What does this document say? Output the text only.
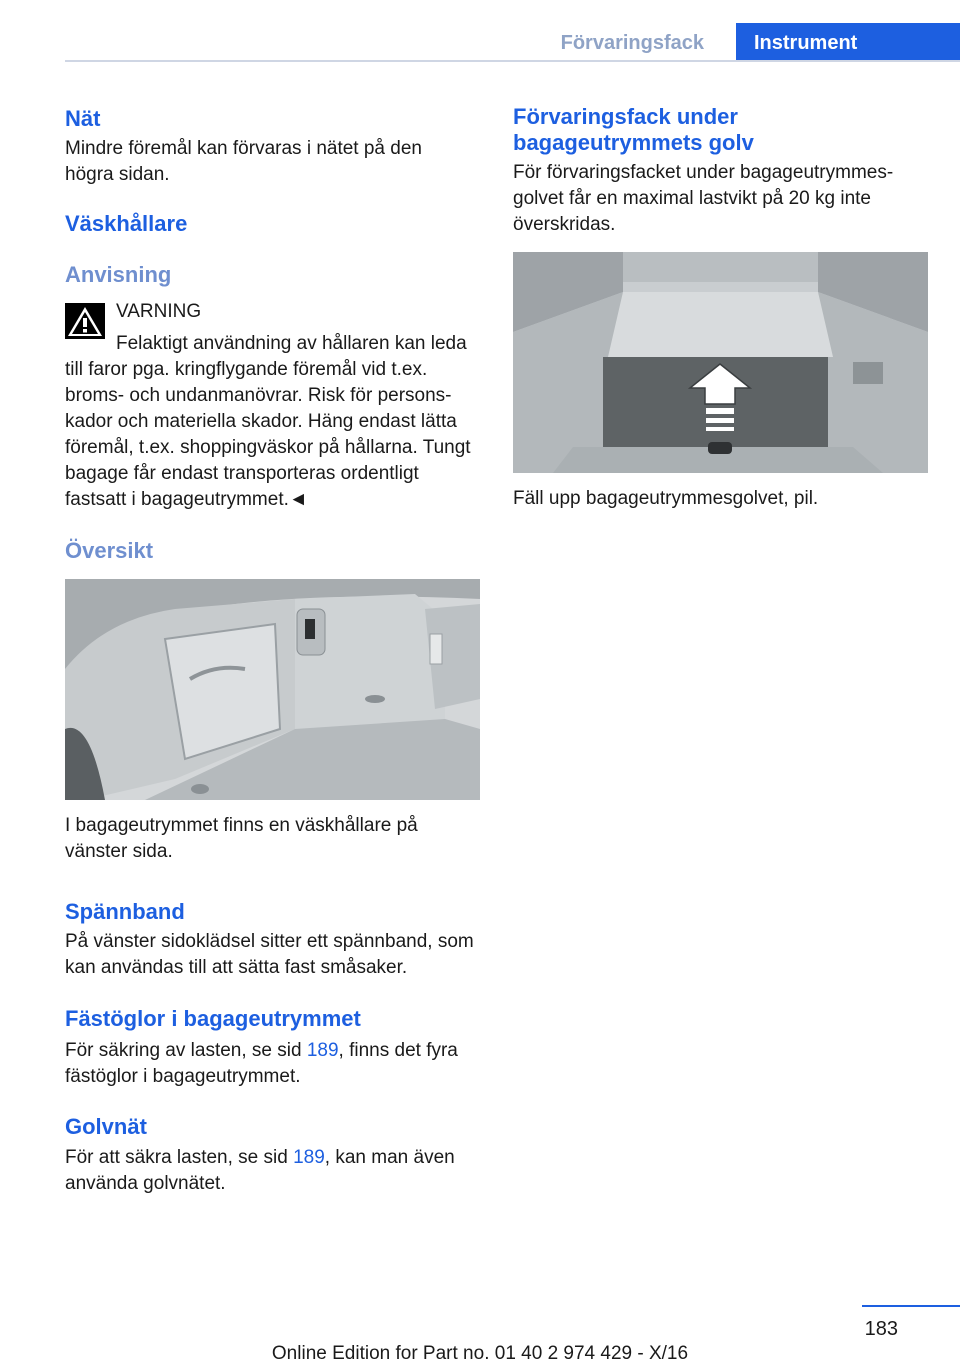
Förvaringsfack	Instrument
Nät

Mindre föremål kan förvaras i nätet på den högra sidan.

Väskhållare
Anvisning

VARNING

Felaktigt användning av hållaren kan leda till faror pga. kringflygande föremål vid t.ex. broms- och undanmanövrar. Risk för personskador och materiella skador. Häng endast lätta föremål, t.ex. shoppingväskor på hållarna. Tungt bagage får endast transporteras ordentligt fastsatt i bagageutrymmet.◄

Översikt

I bagageutrymmet finns en väskhållare på vänster sida.

Spännband

På vänster sidoklädsel sitter ett spännband, som kan användas till att sätta fast småsaker.

Fästöglor i bagageutrymmet

För säkring av lasten, se sid 189, finns det fyra fästöglor i bagageutrymmet.

Golvnät

För att säkra lasten, se sid 189, kan man även använda golvnätet.

Förvaringsfack under bagageutrymmets golv

För förvaringsfacket under bagageutrymmesgolvet får en maximal lastvikt på 20 kg inte överskridas.

Fäll upp bagageutrymmesgolvet, pil.

183
Online Edition for Part no. 01 40 2 974 429 - X/16
